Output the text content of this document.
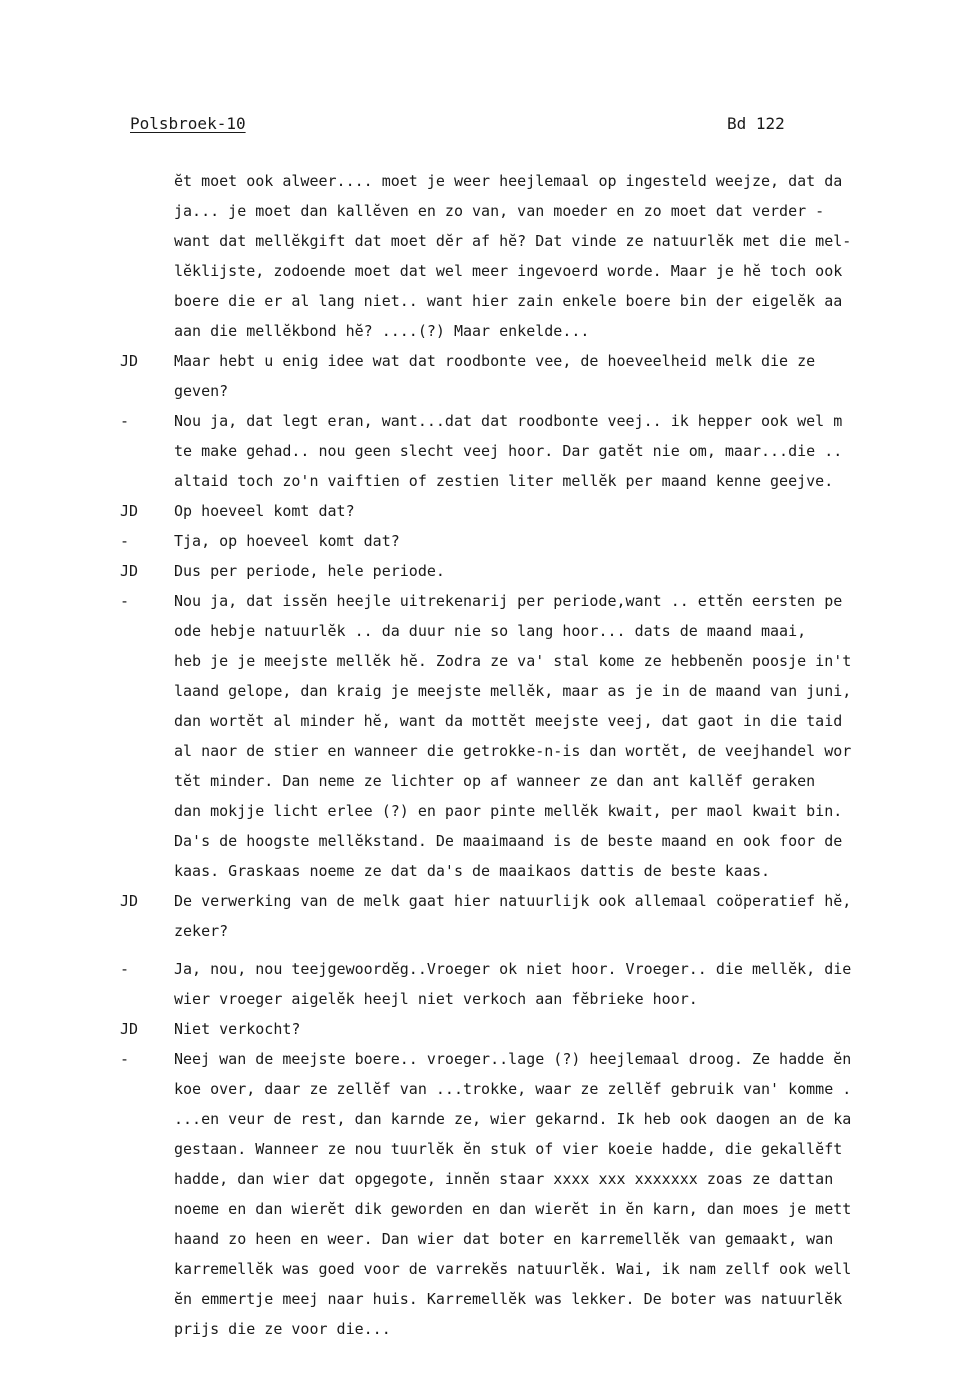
Polsbroek-10	Bd 122
ĕt moet ook alweer.... moet je weer heejlemaal op ingesteld weejze, dat da
ja... je moet dan kallĕven en zo van, van moeder en zo moet dat verder -
want dat mellĕkgift dat moet dĕr af hĕ? Dat vinde ze natuurlĕk met die mel-
lĕklijste, zodoende moet dat wel meer ingevoerd worde. Maar je hĕ toch ook
boere die er al lang niet.. want hier zain enkele boere bin der eigelĕk aa
aan die mellĕkbond hĕ? ....(?) Maar enkelde...
JD Maar hebt u enig idee wat dat roodbonte vee, de hoeveelheid melk die ze
geven?
-	Nou ja, dat legt eran, want...dat dat roodbonte veej.. ik hepper ook wel m
te make gehad.. nou geen slecht veej hoor. Dar gatĕt nie om, maar...die ..
altaid toch zo'n vaiftien of zestien liter mellĕk per maand kenne geejve.
JD Op hoeveel komt dat?
-	Tja, op hoeveel komt dat?
JD Dus per periode, hele periode.
-	Nou ja, dat issĕn heejle uitrekenarij per periode,want .. ettĕn eersten pe
ode hebje natuurlĕk .. da duur nie so lang hoor... dats de maand maai,
heb je je meejste mellĕk hĕ. Zodra ze va' stal kome ze hebbenĕn poosje in't
laand gelope, dan kraig je meejste mellĕk, maar as je in de maand van juni,
dan wortĕt al minder hĕ, want da mottĕt meejste veej, dat gaot in die taid
al naor de stier en wanneer die getrokke-n-is dan wortĕt, de veejhandel wor
tĕt minder. Dan neme ze lichter op af wanneer ze dan ant kallĕf geraken
dan mokjje licht erlee (?) en paor pinte mellĕk kwait, per maol kwait bin.
Da's de hoogste mellĕkstand. De maaimaand is de beste maand en ook foor de
kaas. Graskaas noeme ze dat da's de maaikaos dattis de beste kaas.
JD De verwerking van de melk gaat hier natuurlijk ook allemaal coöperatief hĕ,
zeker?
-	Ja, nou, nou teejgewoordĕg..Vroeger ok niet hoor. Vroeger.. die mellĕk, die
wier vroeger aigelĕk heejl niet verkoch aan fĕbrieke hoor.
JD Niet verkocht?
-	Neej wan de meejste boere.. vroeger..lage (?) heejlemaal droog. Ze hadde ĕn
koe over, daar ze zellĕf van ...trokke, waar ze zellĕf gebruik van' komme .
...en veur de rest, dan karnde ze, wier gekarnd. Ik heb ook daogen an de ka
gestaan. Wanneer ze nou tuurlĕk ĕn stuk of vier koeie hadde, die gekallĕft
hadde, dan wier dat opgegote, innĕn staar xxxx xxx xxxxxxx zoas ze dattan
noeme en dan wierĕt dik geworden en dan wierĕt in ĕn karn, dan moes je mett
haand zo heen en weer. Dan wier dat boter en karremellĕk van gemaakt, wan
karremellĕk was goed voor de varrekĕs natuurlĕk. Wai, ik nam zellf ook well
ĕn emmertje meej naar huis. Karremellĕk was lekker. De boter was natuurlĕk
prijs die ze voor die...
